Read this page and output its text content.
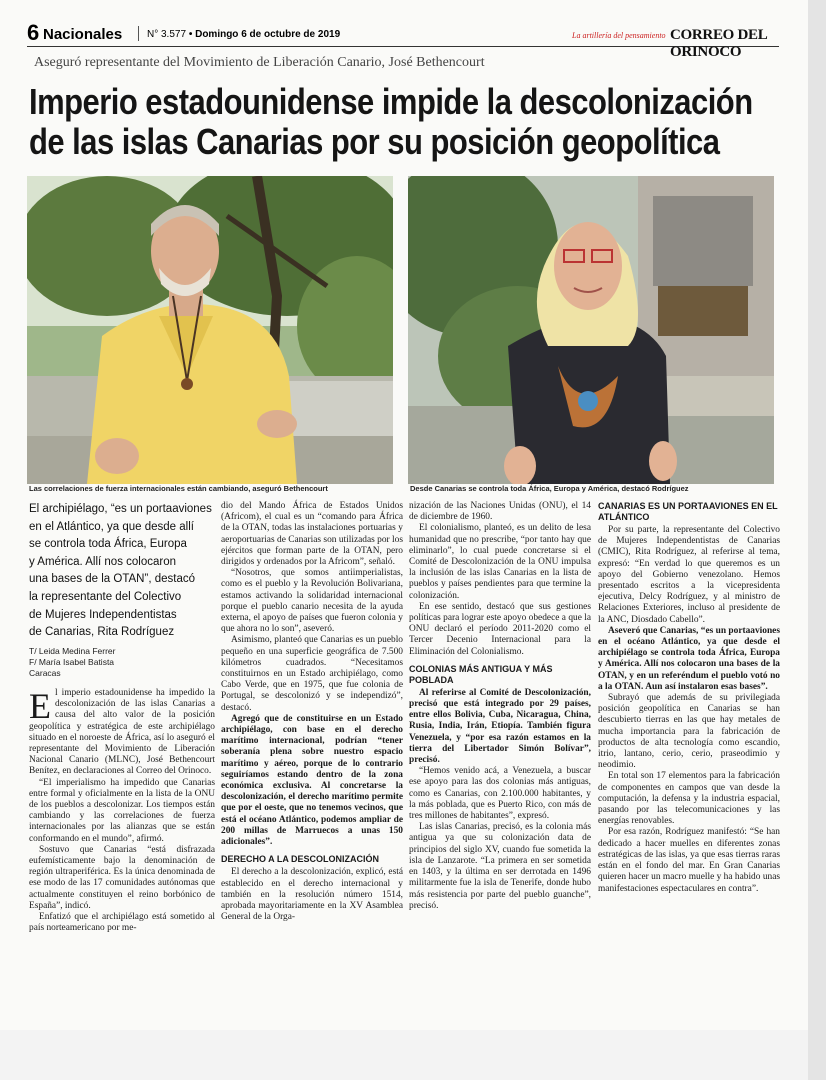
6 Nacionales N° 3.577 • Domingo 6 de octubre de 2019	La artillería del pensamiento CORREO DEL ORINOCO
Aseguró representante del Movimiento de Liberación Canario, José Bethencourt
Imperio estadounidense impide la descolonización
de las islas Canarias por su posición geopolítica
Las correlaciones de fuerza internacionales están cambiando, aseguró Bethencourt	Desde Canarias se controla toda África, Europa y América, destacó Rodríguez
El archipiélago, “es un portaaviones
en el Atlántico, ya que desde allí
se controla toda África, Europa
y América. Allí nos colocaron
una bases de la OTAN”, destacó
la representante del Colectivo
de Mujeres Independentistas
de Canarias, Rita Rodríguez
T/ Leida Medina Ferrer
F/ María Isabel Batista
Caracas

El imperio estadounidense ha impedido la descolonización de las islas Canarias a causa del alto valor de la posición geopolítica y estratégica de este archipiélago situado en el noroeste de África, así lo aseguró el representante del Movimiento de Liberación Nacional Canario (MLNC), José Bethencourt Benítez, en declaraciones al Correo del Orinoco.

“El imperialismo ha impedido que Canarias entre formal y oficialmente en la lista de la ONU de los pueblos a descolonizar. Los tiempos están cambiando y las correlaciones de fuerza internacionales por las alianzas que se están conformando en el mundo”, afirmó.

Sostuvo que Canarias “está disfrazada eufemísticamente bajo la denominación de región ultraperiférica. Es la única denominada de ese modo de las 17 comunidades autónomas que actualmente constituyen el reino borbónico de España”, indicó.

Enfatizó que el archipiélago está sometido al país norteamericano por me-

dio del Mando África de Estados Unidos (Africom), el cual es un “comando para África de la OTAN, todas las instalaciones portuarias y aeroportuarias de Canarias son utilizadas por los ejércitos que forman parte de la OTAN, pero dirigidos y ordenados por la Africom”, señaló.

“Nosotros, que somos antiimperialistas, como es el pueblo y la Revolución Bolivariana, estamos activando la solidaridad internacional porque el pueblo canario necesita de la ayuda externa, el apoyo de países que fueron colonia y que ahora no lo son”, aseveró.

Asimismo, planteó que Canarias es un pueblo pequeño en una superficie geográfica de 7.500 kilómetros cuadrados. “Necesitamos constituirnos en un Estado archipiélago, como Cabo Verde, que en 1975, que fue colonia de Portugal, se descolonizó y se independizó”, destacó.

Agregó que de constituirse en un Estado archipiélago, con base en el derecho marítimo internacional, podrían “tener soberanía plena sobre nuestro espacio marítimo y aéreo, porque de lo contrario seguiríamos estando dentro de la zona económica exclusiva. Al concretarse la descolonización, el derecho marítimo permite que por el oeste, que no tenemos vecinos, que está el océano Atlántico, podemos ampliar de 200 millas de Marruecos a unas 150 adicionales”.

DERECHO A LA DESCOLONIZACIÓN

El derecho a la descolonización, explicó, está establecido en el derecho internacional y también en la resolución número 1514, aprobada mayoritariamente en la XV Asamblea General de la Orga-

nización de las Naciones Unidas (ONU), el 14 de diciembre de 1960.

El colonialismo, planteó, es un delito de lesa humanidad que no prescribe, “por tanto hay que eliminarlo”, lo cual puede concretarse si el Comité de Descolonización de la ONU impulsa la inclusión de las islas Canarias en la lista de pueblos y países pendientes para que termine la colonización.

En ese sentido, destacó que sus gestiones políticas para lograr este apoyo obedece a que la ONU declaró el período 2011-2020 como el Tercer Decenio Internacional para la Eliminación del Colonialismo.

COLONIAS MÁS ANTIGUA Y MÁS POBLADA

Al referirse al Comité de Descolonización, precisó que está integrado por 29 países, entre ellos Bolivia, Cuba, Nicaragua, China, Rusia, India, Irán, Etiopía. También figura Venezuela, y “por esa razón estamos en la tierra del Libertador Simón Bolívar”, precisó.

“Hemos venido acá, a Venezuela, a buscar ese apoyo para las dos colonias más antiguas, como es Canarias, con 2.100.000 habitantes, y la más poblada, que es Puerto Rico, con más de tres millones de habitantes”, expresó.

Las islas Canarias, precisó, es la colonia más antigua ya que su colonización data de principios del siglo XV, cuando fue sometida la isla de Lanzarote. “La primera en ser sometida en 1403, y la última en ser derrotada en 1496 militarmente fue la isla de Tenerife, donde hubo más resistencia por parte del pueblo guanche”, precisó.

CANARIAS ES UN PORTAAVIONES EN EL ATLÁNTICO

Por su parte, la representante del Colectivo de Mujeres Independentistas de Canarias (CMIC), Rita Rodríguez, al referirse al tema, expresó: “En verdad lo que queremos es un apoyo del Gobierno venezolano. Hemos presentado escritos a la vicepresidenta ejecutiva, Delcy Rodríguez, y al ministro de Relaciones Exteriores, incluso al presidente de la ANC, Diosdado Cabello”.

Aseveró que Canarias, “es un portaaviones en el océano Atlántico, ya que desde el archipiélago se controla toda África, Europa y América. Allí nos colocaron una bases de la OTAN, y en un referéndum el pueblo votó no a la OTAN. Aun así instalaron esas bases”.

Subrayó que además de su privilegiada posición geopolítica en Canarias se han descubierto tierras en las que hay metales de mucha importancia para la fabricación de productos de alta tecnología como escandio, itrio, lantano, cerio, cerio, praseodimio y neodimio.

En total son 17 elementos para la fabricación de componentes en campos que van desde la computación, la defensa y la industria espacial, pasando por las telecomunicaciones y las energías renovables.

Por esa razón, Rodríguez manifestó: “Se han dedicado a hacer muelles en diferentes zonas estratégicas de las islas, ya que esas tierras raras están en el fondo del mar. En Gran Canarias quieren hacer un macro muelle y ha habido unas manifestaciones espectaculares en contra”.
